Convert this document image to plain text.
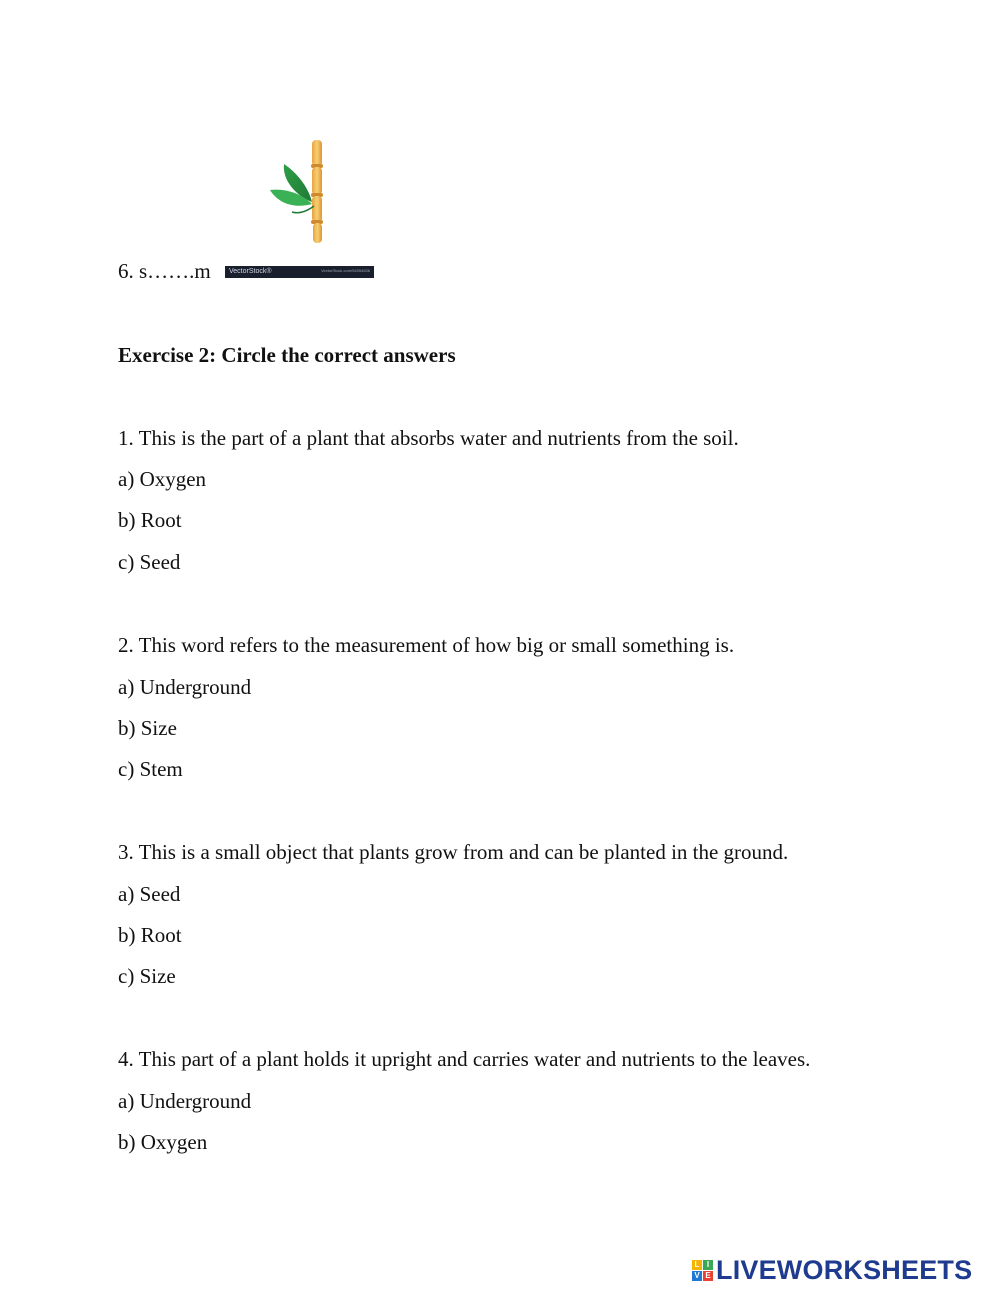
6. s…….m	VectorStock®	VectorStock.com/54554636
Exercise 2: Circle the correct answers
1. This is the part of a plant that absorbs water and nutrients from the soil.
a) Oxygen
b) Root
c) Seed
2. This word refers to the measurement of how big or small something is.
a) Underground
b) Size
c) Stem
3. This is a small object that plants grow from and can be planted in the ground.
a) Seed
b) Root
c) Size
4. This part of a plant holds it upright and carries water and nutrients to the leaves.
a) Underground
b) Oxygen
L I
V E LIVEWORKSHEETS
